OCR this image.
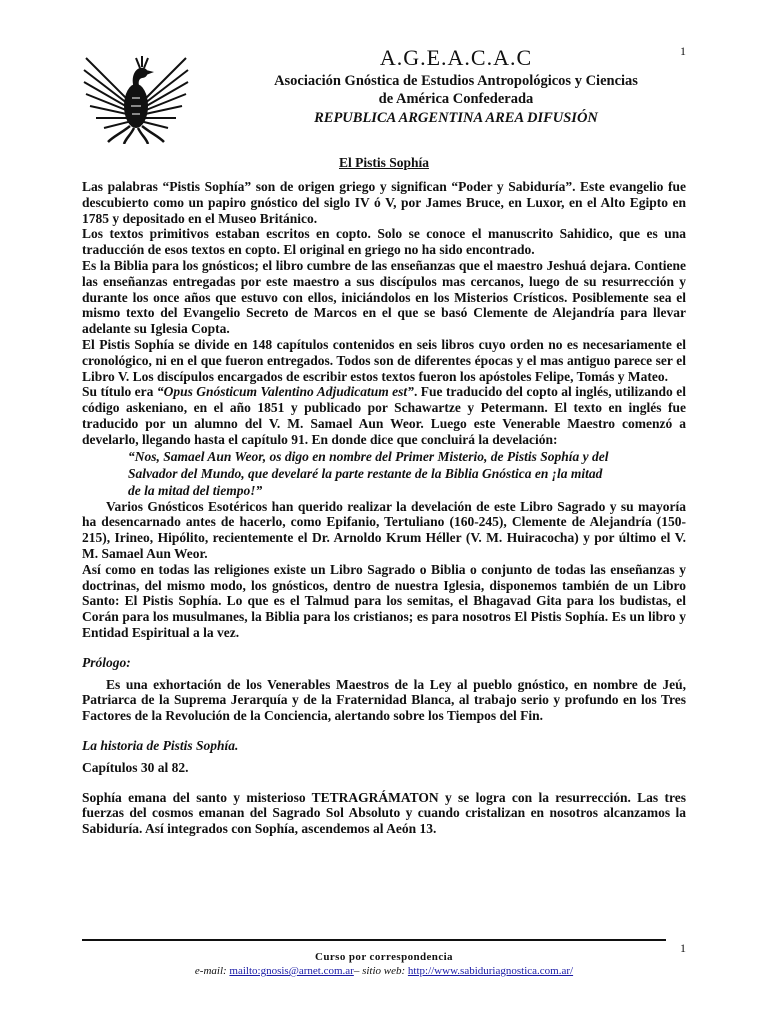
1
A.G.E.A.C.A.C
Asociación Gnóstica de Estudios Antropológicos y Ciencias
de América Confederada
REPUBLICA ARGENTINA AREA DIFUSIÓN
El Pistis Sophía

Las palabras “Pistis Sophía” son de origen griego y significan “Poder y Sabiduría”. Este evangelio fue descubierto como un papiro gnóstico del siglo IV ó V, por James Bruce, en Luxor, en el Alto Egipto en 1785 y depositado en el Museo Británico.

Los textos primitivos estaban escritos en copto. Solo se conoce el manuscrito Sahidico, que es una traducción de esos textos en copto. El original en griego no ha sido encontrado.

Es la Biblia para los gnósticos; el libro cumbre de las enseñanzas que el maestro Jeshuá dejara. Contiene las enseñanzas entregadas por este maestro a sus discípulos mas cercanos, luego de su resurrección y durante los once años que estuvo con ellos, iniciándolos en los Misterios Crísticos. Posiblemente sea el mismo texto del Evangelio Secreto de Marcos en el que se basó Clemente de Alejandría para llevar adelante su Iglesia Copta.

El Pistis Sophía se divide en 148 capítulos contenidos en seis libros cuyo orden no es necesariamente el cronológico, ni en el que fueron entregados. Todos son de diferentes épocas y el mas antiguo parece ser el Libro V. Los discípulos encargados de escribir estos textos fueron los apóstoles Felipe, Tomás y Mateo.

Su título era “Opus Gnósticum Valentino Adjudicatum est”. Fue traducido del copto al inglés, utilizando el código askeniano, en el año 1851 y publicado por Schawartze y Petermann. El texto en inglés fue traducido por un alumno del V. M. Samael Aun Weor. Luego este Venerable Maestro comenzó a develarlo, llegando hasta el capítulo 91. En donde dice que concluirá la develación:

“Nos, Samael Aun Weor, os digo en nombre del Primer Misterio, de Pistis Sophía y del Salvador del Mundo, que develaré la parte restante de la Biblia Gnóstica en ¡la mitad de la mitad del tiempo!”

Varios Gnósticos Esotéricos han querido realizar la develación de este Libro Sagrado y su mayoría ha desencarnado antes de hacerlo, como Epifanio, Tertuliano (160-245), Clemente de Alejandría (150-215), Irineo, Hipólito, recientemente el Dr. Arnoldo Krum Héller (V. M. Huiracocha) y por último el V. M. Samael Aun Weor.

Así como en todas las religiones existe un Libro Sagrado o Biblia o conjunto de todas las enseñanzas y doctrinas, del mismo modo, los gnósticos, dentro de nuestra Iglesia, disponemos también de un Libro Santo: El Pistis Sophía. Lo que es el Talmud para los semitas, el Bhagavad Gita para los budistas, el Corán para los musulmanes, la Biblia para los cristianos; es para nosotros El Pistis Sophía. Es un libro y Entidad Espiritual a la vez.

Prólogo:

Es una exhortación de los Venerables Maestros de la Ley al pueblo gnóstico, en nombre de Jeú, Patriarca de la Suprema Jerarquía y de la Fraternidad Blanca, al trabajo serio y profundo en los Tres Factores de la Revolución de la Conciencia, alertando sobre los Tiempos del Fin.

La historia de Pistis Sophía.

Capítulos 30 al 82.

Sophía emana del santo y misterioso TETRAGRÁMATON y se logra con la resurrección. Las tres fuerzas del cosmos emanan del Sagrado Sol Absoluto y cuando cristalizan en nosotros alcanzamos la Sabiduría. Así integrados con Sophía, ascendemos al Aeón 13.

1
Curso por correspondencia
e-mail: mailto:gnosis@arnet.com.ar– sitio web: http://www.sabiduriagnostica.com.ar/
